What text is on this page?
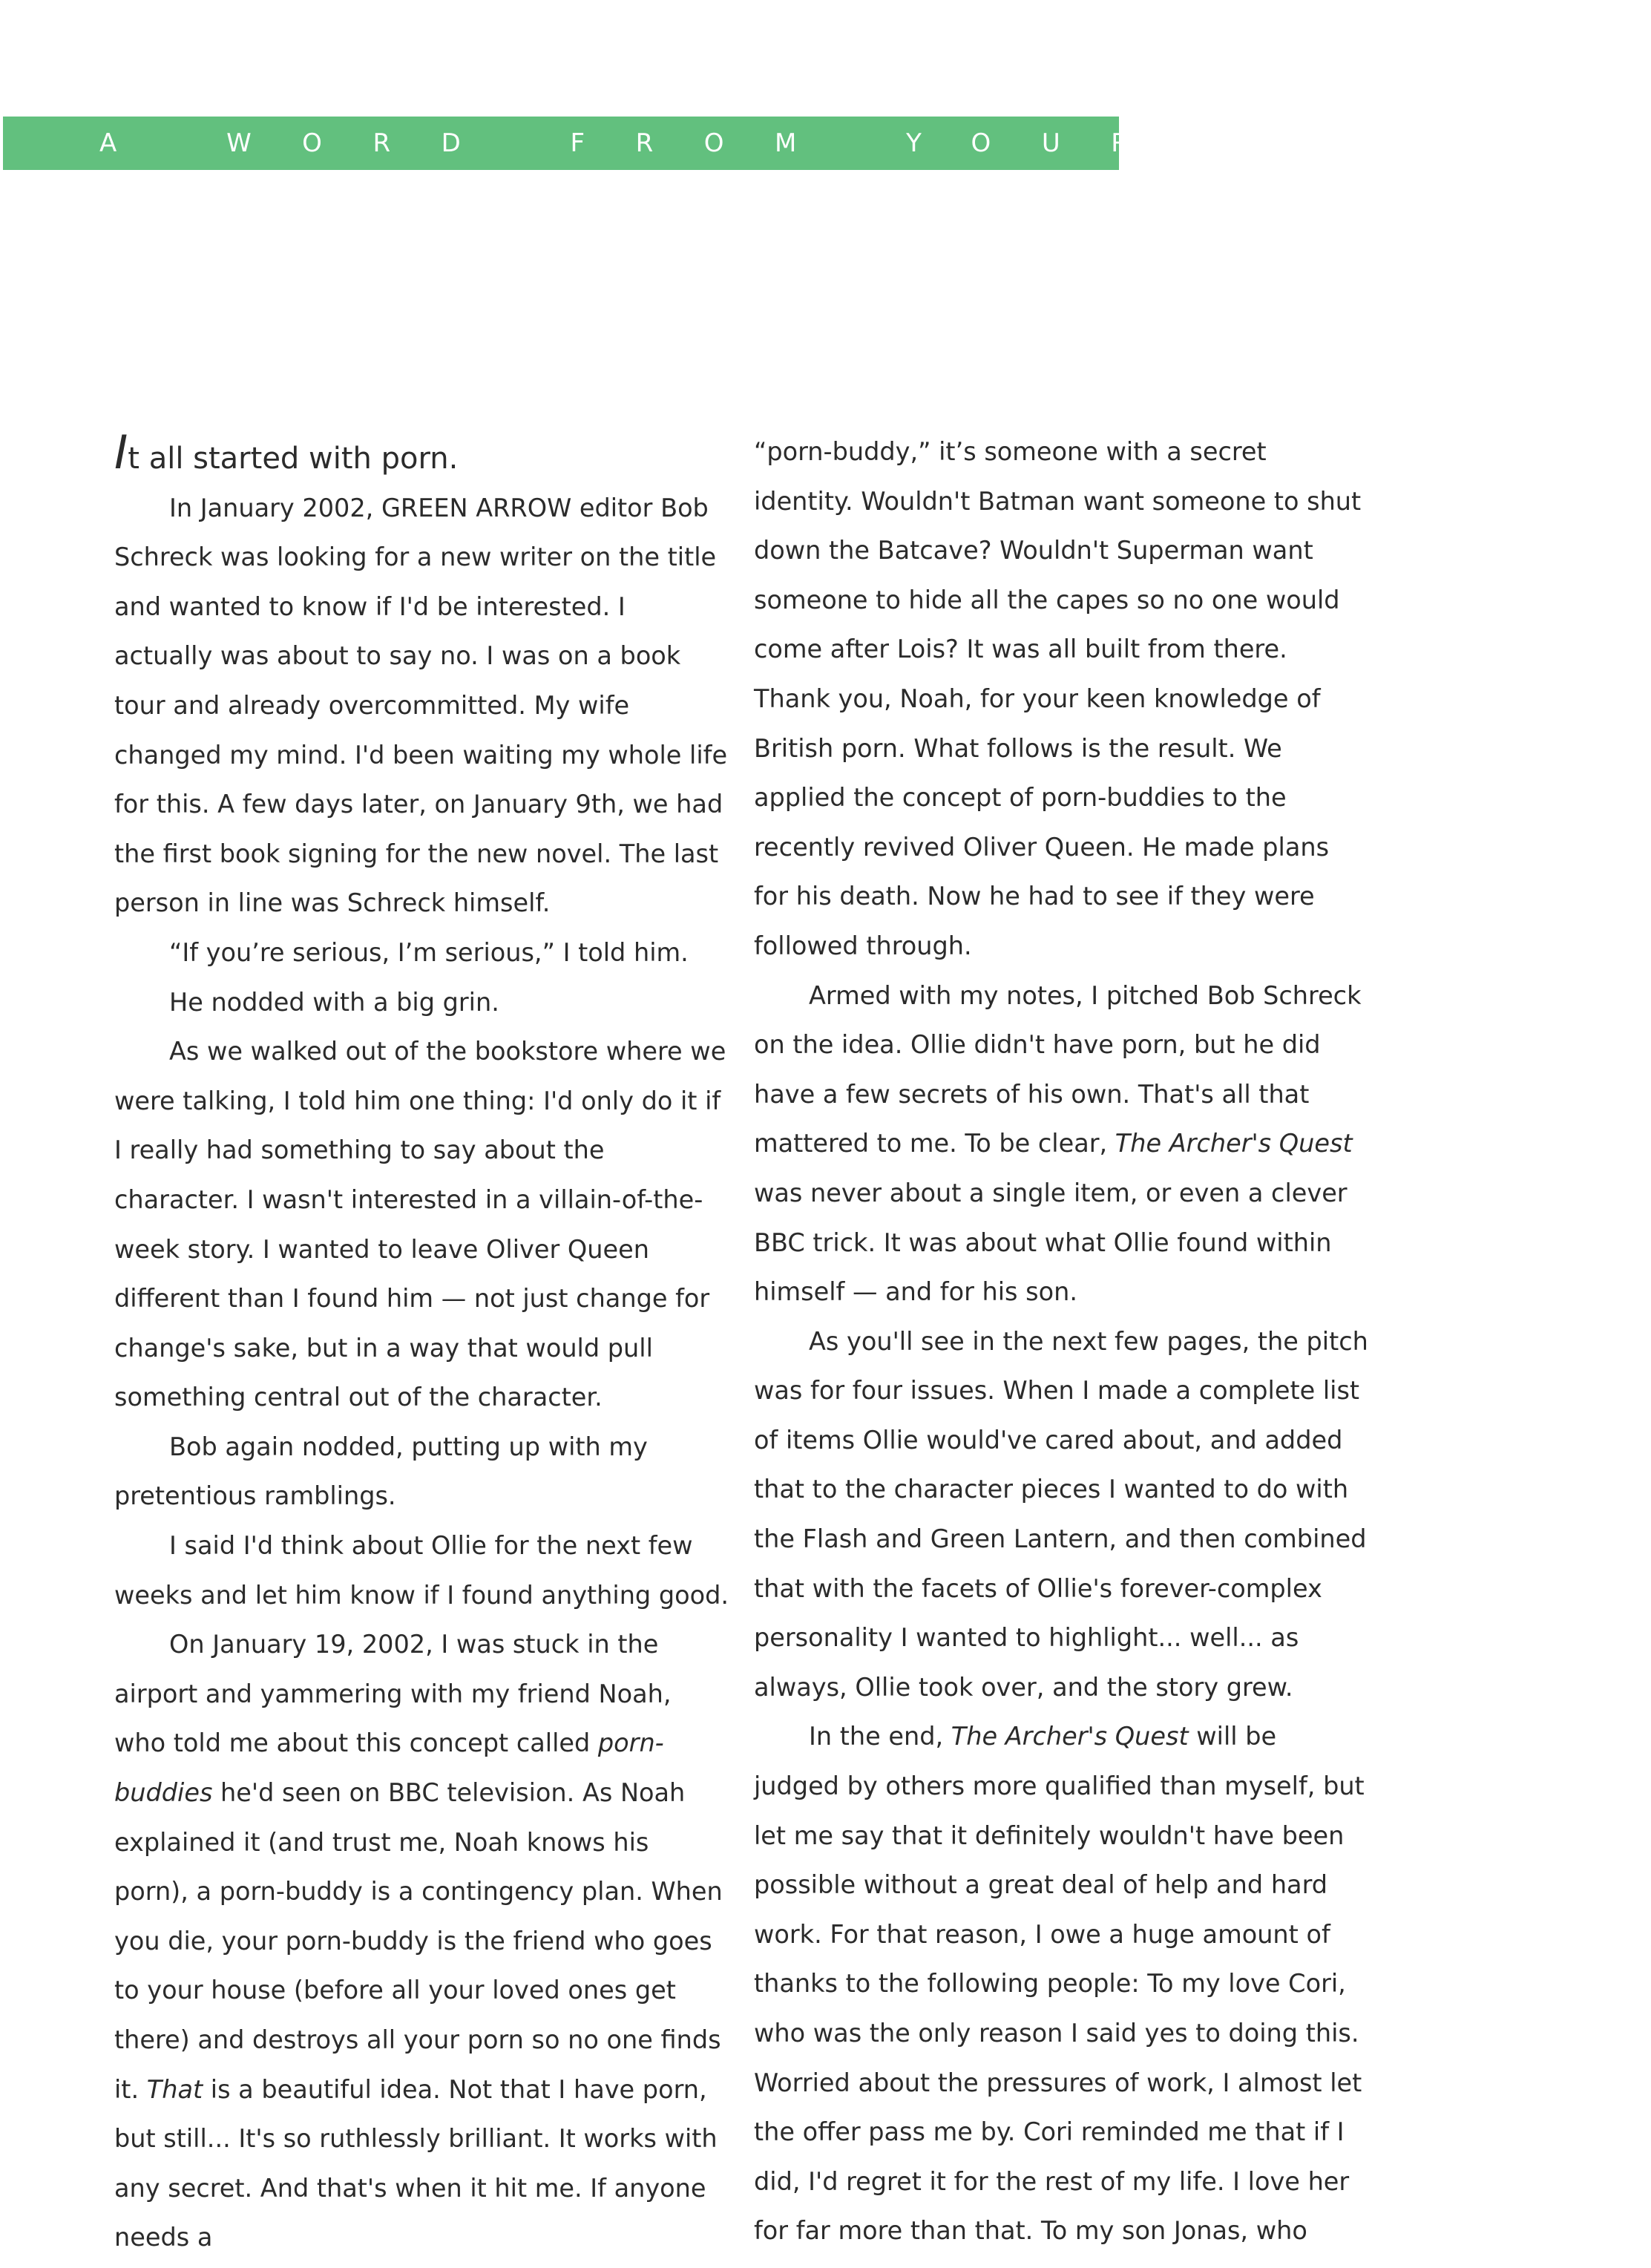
A WORD FROM YOUR AUTHOR

It all started with porn.

In January 2002, GREEN ARROW editor Bob Schreck was looking for a new writer on the title and wanted to know if I'd be interested. I actually was about to say no. I was on a book tour and already overcommitted. My wife changed my mind. I'd been waiting my whole life for this. A few days later, on January 9th, we had the first book signing for the new novel. The last person in line was Schreck himself.

“If you’re serious, I’m serious,” I told him.

He nodded with a big grin.

As we walked out of the bookstore where we were talking, I told him one thing: I'd only do it if I really had something to say about the character. I wasn't interested in a villain-of-the-week story. I wanted to leave Oliver Queen different than I found him — not just change for change's sake, but in a way that would pull something central out of the character.

Bob again nodded, putting up with my pretentious ramblings.

I said I'd think about Ollie for the next few weeks and let him know if I found anything good.

On January 19, 2002, I was stuck in the airport and yammering with my friend Noah, who told me about this concept called porn-buddies he'd seen on BBC television. As Noah explained it (and trust me, Noah knows his porn), a porn-buddy is a contingency plan. When you die, your porn-buddy is the friend who goes to your house (before all your loved ones get there) and destroys all your porn so no one finds it. That is a beautiful idea. Not that I have porn, but still... It's so ruthlessly brilliant. It works with any secret. And that's when it hit me. If anyone needs a

“porn-buddy,” it’s someone with a secret identity. Wouldn't Batman want someone to shut down the Batcave? Wouldn't Superman want someone to hide all the capes so no one would come after Lois? It was all built from there. Thank you, Noah, for your keen knowledge of British porn. What follows is the result. We applied the concept of porn-buddies to the recently revived Oliver Queen. He made plans for his death. Now he had to see if they were followed through.

Armed with my notes, I pitched Bob Schreck on the idea. Ollie didn't have porn, but he did have a few secrets of his own. That's all that mattered to me. To be clear, The Archer's Quest was never about a single item, or even a clever BBC trick. It was about what Ollie found within himself — and for his son.

As you'll see in the next few pages, the pitch was for four issues. When I made a complete list of items Ollie would've cared about, and added that to the character pieces I wanted to do with the Flash and Green Lantern, and then combined that with the facets of Ollie's forever-complex personality I wanted to highlight... well... as always, Ollie took over, and the story grew.

In the end, The Archer's Quest will be judged by others more qualified than myself, but let me say that it definitely wouldn't have been possible without a great deal of help and hard work. For that reason, I owe a huge amount of thanks to the following people: To my love Cori, who was the only reason I said yes to doing this. Worried about the pressures of work, I almost let the offer pass me by. Cori reminded me that if I did, I'd regret it for the rest of my life. I love her for far more than that. To my son Jonas, who
